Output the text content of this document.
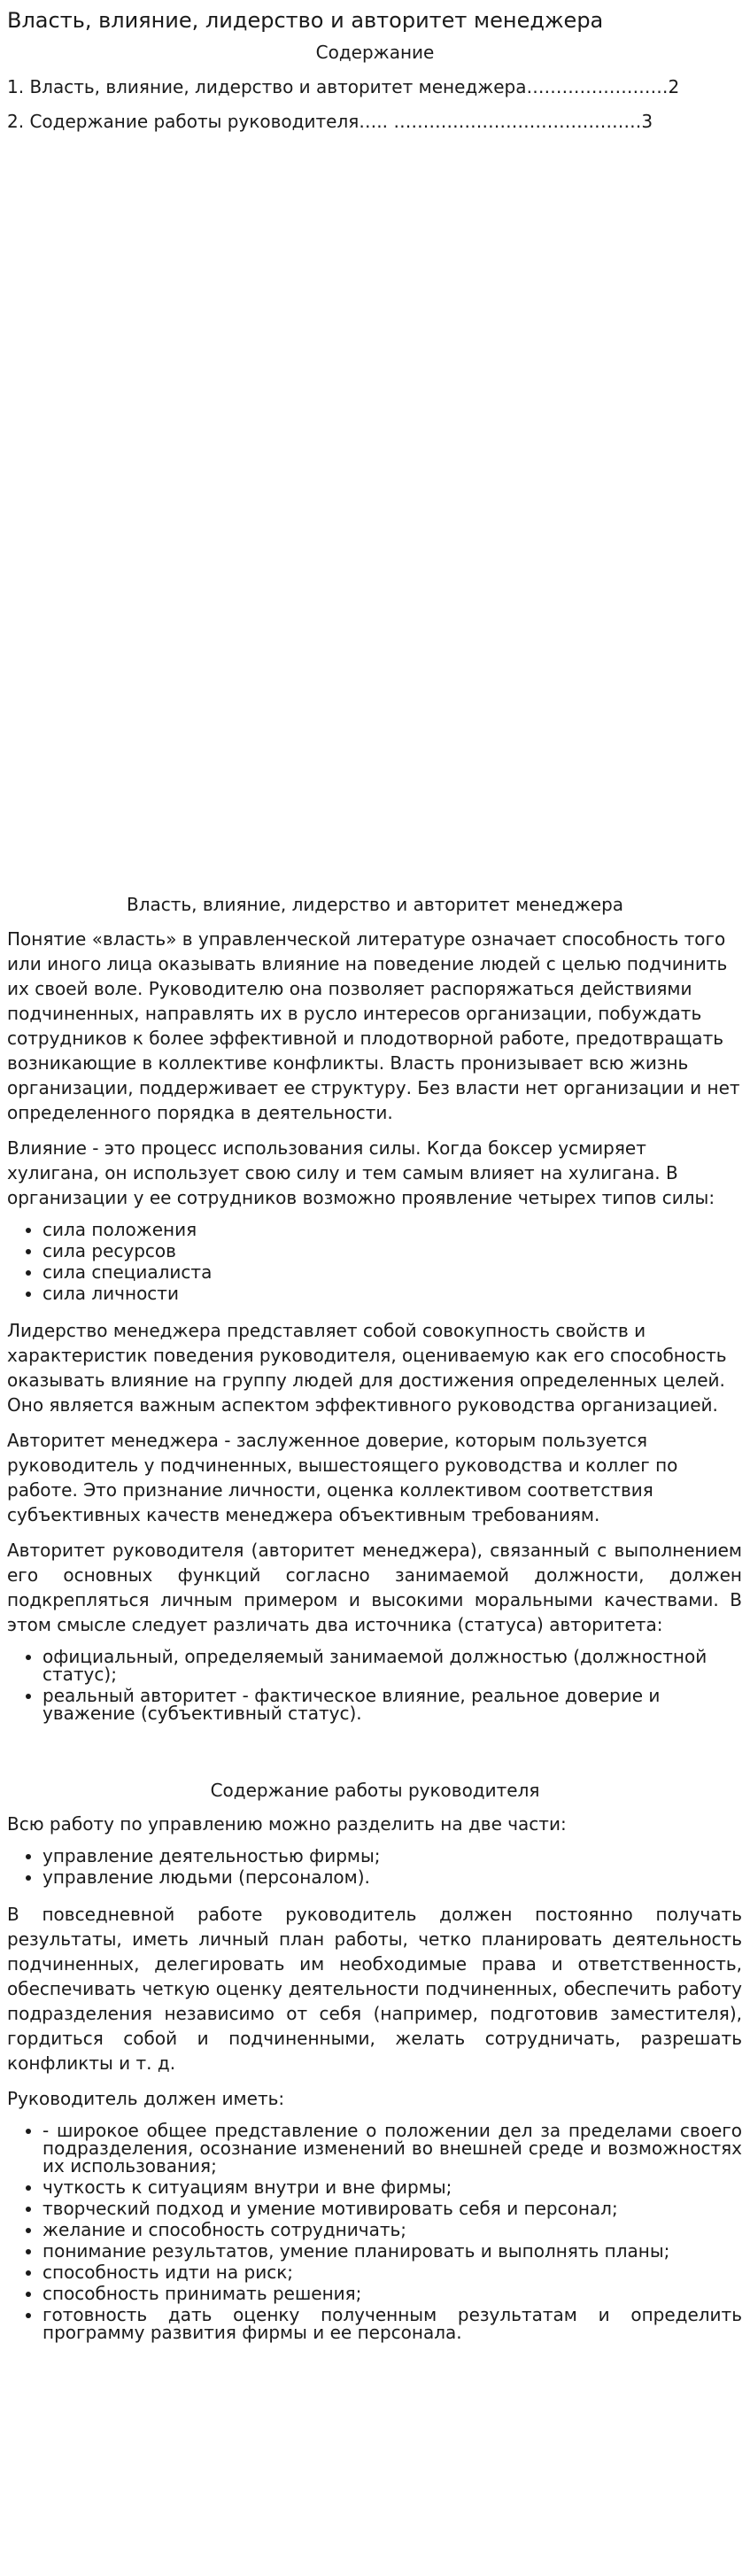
Власть, влияние, лидерство и авторитет менеджера
Содержание
1. Власть, влияние, лидерство и авторитет менеджера……………………2
2. Содержание работы руководителя….. ……………………………………3
Власть, влияние, лидерство и авторитет менеджера

Понятие «власть» в управленческой литературе означает способность того или иного лица оказывать влияние на поведение людей с целью подчинить их своей воле. Руководителю она позволяет распоряжаться действиями подчиненных, направлять их в русло интересов организации, побуждать сотрудников к более эффективной и плодотворной работе, предотвращать возникающие в коллективе конфликты. Власть пронизывает всю жизнь организации, поддерживает ее структуру. Без власти нет организации и нет определенного порядка в деятельности.

Влияние - это процесс использования силы. Когда боксер усмиряет хулигана, он использует свою силу и тем самым влияет на хулигана. В организации у ее сотрудников возможно проявление четырех типов силы:

• сила положения
• сила ресурсов
• сила специалиста
• сила личности

Лидерство менеджера представляет собой совокупность свойств и характеристик поведения руководителя, оцениваемую как его способность оказывать влияние на группу людей для достижения определенных целей. Оно является важным аспектом эффективного руководства организацией.

Авторитет менеджера - заслуженное доверие, которым пользуется руководитель у подчиненных, вышестоящего руководства и коллег по работе. Это признание личности, оценка коллективом соответствия субъективных качеств менеджера объективным требованиям.

Авторитет руководителя (авторитет менеджера), связанный с выполнением его основных функций согласно занимаемой должности, должен подкрепляться личным примером и высокими моральными качествами. В этом смысле следует различать два источника (статуса) авторитета:

• официальный, определяемый занимаемой должностью (должностной статус);
• реальный авторитет - фактическое влияние, реальное доверие и уважение (субъективный статус).
Содержание работы руководителя

Всю работу по управлению можно разделить на две части:

• управление деятельностью фирмы;
• управление людьми (персоналом).

В повседневной работе руководитель должен постоянно получать результаты, иметь личный план работы, четко планировать деятельность подчиненных, делегировать им необходимые права и ответственность, обеспечивать четкую оценку деятельности подчиненных, обеспечить работу подразделения независимо от себя (например, подготовив заместителя), гордиться собой и подчиненными, желать сотрудничать, разрешать конфликты и т. д.

Руководитель должен иметь:

• - широкое общее представление о положении дел за пределами своего подразделения, осознание изменений во внешней среде и возможностях их использования;
• чуткость к ситуациям внутри и вне фирмы;
• творческий подход и умение мотивировать себя и персонал;
• желание и способность сотрудничать;
• понимание результатов, умение планировать и выполнять планы;
• способность идти на риск;
• способность принимать решения;
• готовность дать оценку полученным результатам и определить программу развития фирмы и ее персонала.
